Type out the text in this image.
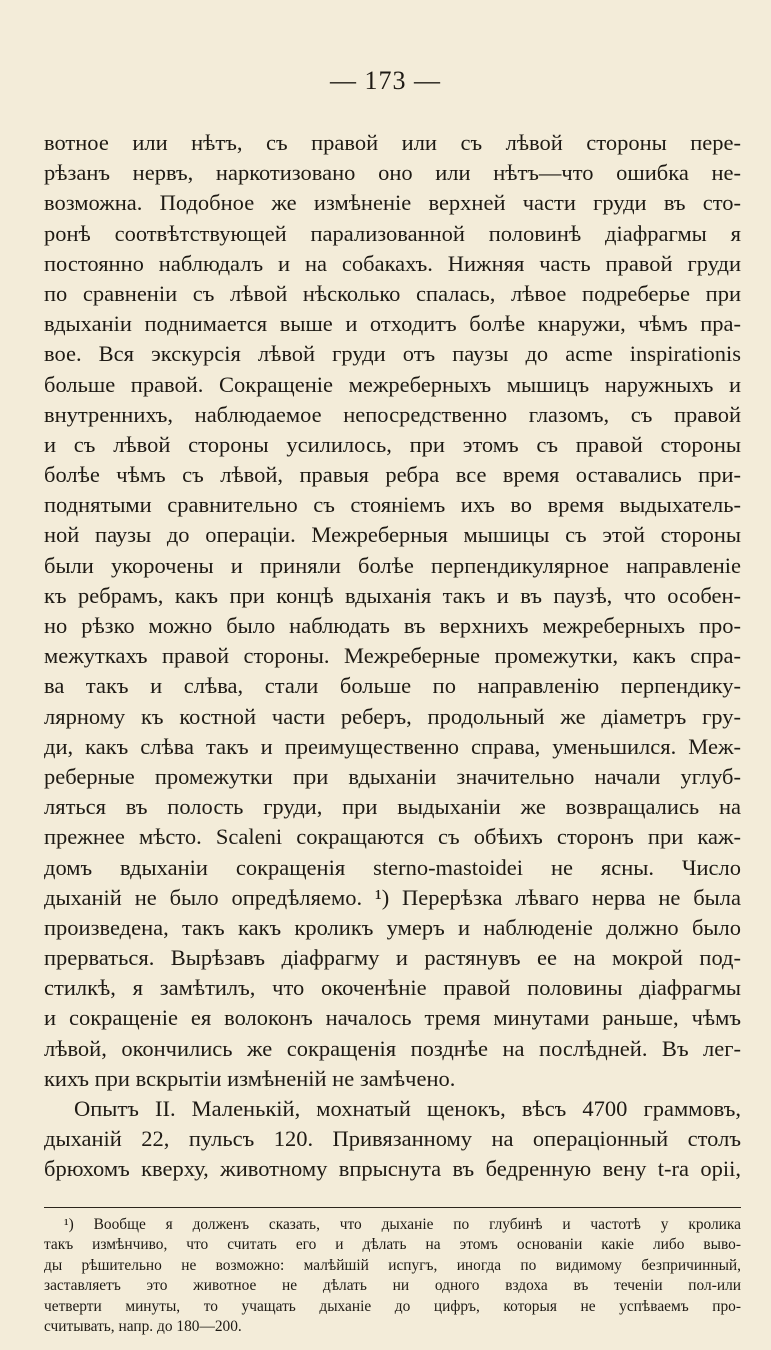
— 173 —
вотное или нѣтъ, съ правой или съ лѣвой стороны пере-
рѣзанъ нервъ, наркотизовано оно или нѣтъ—что ошибка не-
возможна. Подобное же измѣненіе верхней части груди въ сто-
ронѣ соотвѣтствующей парализованной половинѣ діафрагмы я
постоянно наблюдалъ и на собакахъ. Нижняя часть правой груди
по сравненіи съ лѣвой нѣсколько спалась, лѣвое подреберье при
вдыханіи поднимается выше и отходитъ болѣе кнаружи, чѣмъ пра-
вое. Вся экскурсія лѣвой груди отъ паузы до acme inspirationis
больше правой. Сокращеніе межреберныхъ мышицъ наружныхъ и
внутреннихъ, наблюдаемое непосредственно глазомъ, съ правой
и съ лѣвой стороны усилилось, при этомъ съ правой стороны
болѣе чѣмъ съ лѣвой, правыя ребра все время оставались при-
поднятыми сравнительно съ стояніемъ ихъ во время выдыхатель-
ной паузы до операціи. Межреберныя мышицы съ этой стороны
были укорочены и приняли болѣе перпендикулярное направленіе
къ ребрамъ, какъ при концѣ вдыханія такъ и въ паузѣ, что особен-
но рѣзко можно было наблюдать въ верхнихъ межреберныхъ про-
межуткахъ правой стороны. Межреберные промежутки, какъ спра-
ва такъ и слѣва, стали больше по направленію перпендику-
лярному къ костной части реберъ, продольный же діаметръ гру-
ди, какъ слѣва такъ и преимущественно справа, уменьшился. Меж-
реберные промежутки при вдыханіи значительно начали углуб-
ляться въ полость груди, при выдыханіи же возвращались на
прежнее мѣсто. Scaleni сокращаются съ обѣихъ сторонъ при каж-
домъ вдыханіи сокращенія sterno-mastoidei не ясны. Число
дыханій не было опредѣляемо. ¹) Перерѣзка лѣваго нерва не была
произведена, такъ какъ кроликъ умеръ и наблюденіе должно было
прерваться. Вырѣзавъ діафрагму и растянувъ ее на мокрой под-
стилкѣ, я замѣтилъ, что окоченѣніе правой половины діафрагмы
и сокращеніе ея волоконъ началось тремя минутами раньше, чѣмъ
лѣвой, окончились же сокращенія позднѣе на послѣдней. Въ лег-
кихъ при вскрытіи измѣненій не замѣчено.
Опытъ II. Маленькій, мохнатый щенокъ, вѣсъ 4700 граммовъ,
дыханій 22, пульсъ 120. Привязанному на операціонный столъ
брюхомъ кверху, животному впрыснута въ бедренную вену t-ra opii,
¹) Вообще я долженъ сказать, что дыханіе по глубинѣ и частотѣ у кролика
такъ измѣнчиво, что считать его и дѣлать на этомъ основаніи какіе либо выво-
ды рѣшительно не возможно: малѣйшій испугъ, иногда по видимому безпричинный,
заставляетъ это животное не дѣлать ни одного вздоха въ теченіи пол-или
четверти минуты, то учащать дыханіе до цифръ, которыя не успѣваемъ про-
считывать, напр. до 180—200.
